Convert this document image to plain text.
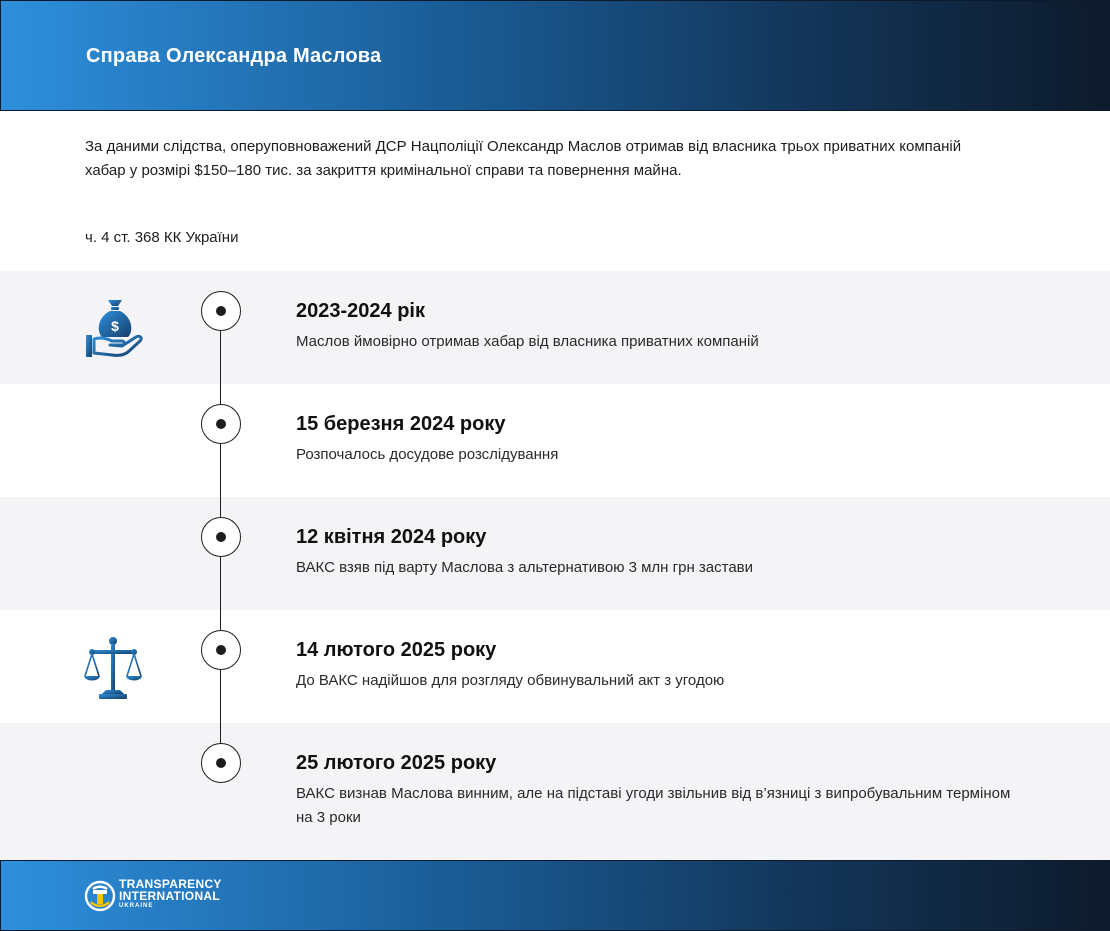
Справа Олександра Маслова
За даними слідства, оперуповноважений ДСР Нацполіції Олександр Маслов отримав від власника трьох приватних компаній хабар у розмірі $150–180 тис. за закриття кримінальної справи та повернення майна.
ч. 4 ст. 368 КК України
2023-2024 рік
Маслов ймовірно отримав хабар від власника приватних компаній
15 березня 2024 року
Розпочалось досудове розслідування
12 квітня 2024 року
ВАКС взяв під варту Маслова з альтернативою 3 млн грн застави
14 лютого 2025 року
До ВАКС надійшов для розгляду обвинувальний акт з угодою
25 лютого 2025 року
ВАКС визнав Маслова винним, але на підставі угоди звільнив від в’язниці з випробувальним терміном на 3 роки
$
TRANSPARENCY
INTERNATIONAL
UKRAINE
